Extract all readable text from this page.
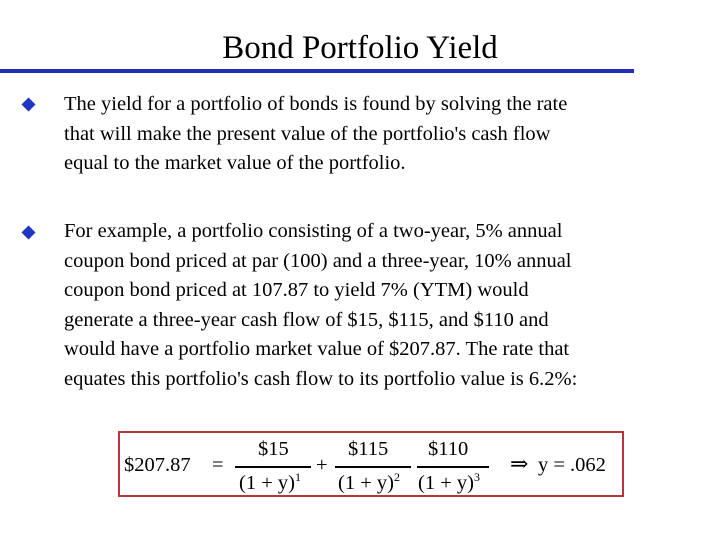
Bond Portfolio Yield
The yield for a portfolio of bonds is found by solving the rate
that will make the present value of the portfolio's cash flow
equal to the market value of the portfolio.
For example, a portfolio consisting of a two-year, 5% annual
coupon bond priced at par (100) and a three-year, 10% annual
coupon bond priced at 107.87 to yield 7% (YTM) would
generate a three-year cash flow of $15, $115, and $110 and
would have a portfolio market value of $207.87. The rate that
equates this portfolio's cash flow to its portfolio value is 6.2%:
$207.87 =
$15
$(1 + y)^1$
+
$115
$(1 + y)^2$
$110
$(1 + y)^3$
⇒ y = .062
